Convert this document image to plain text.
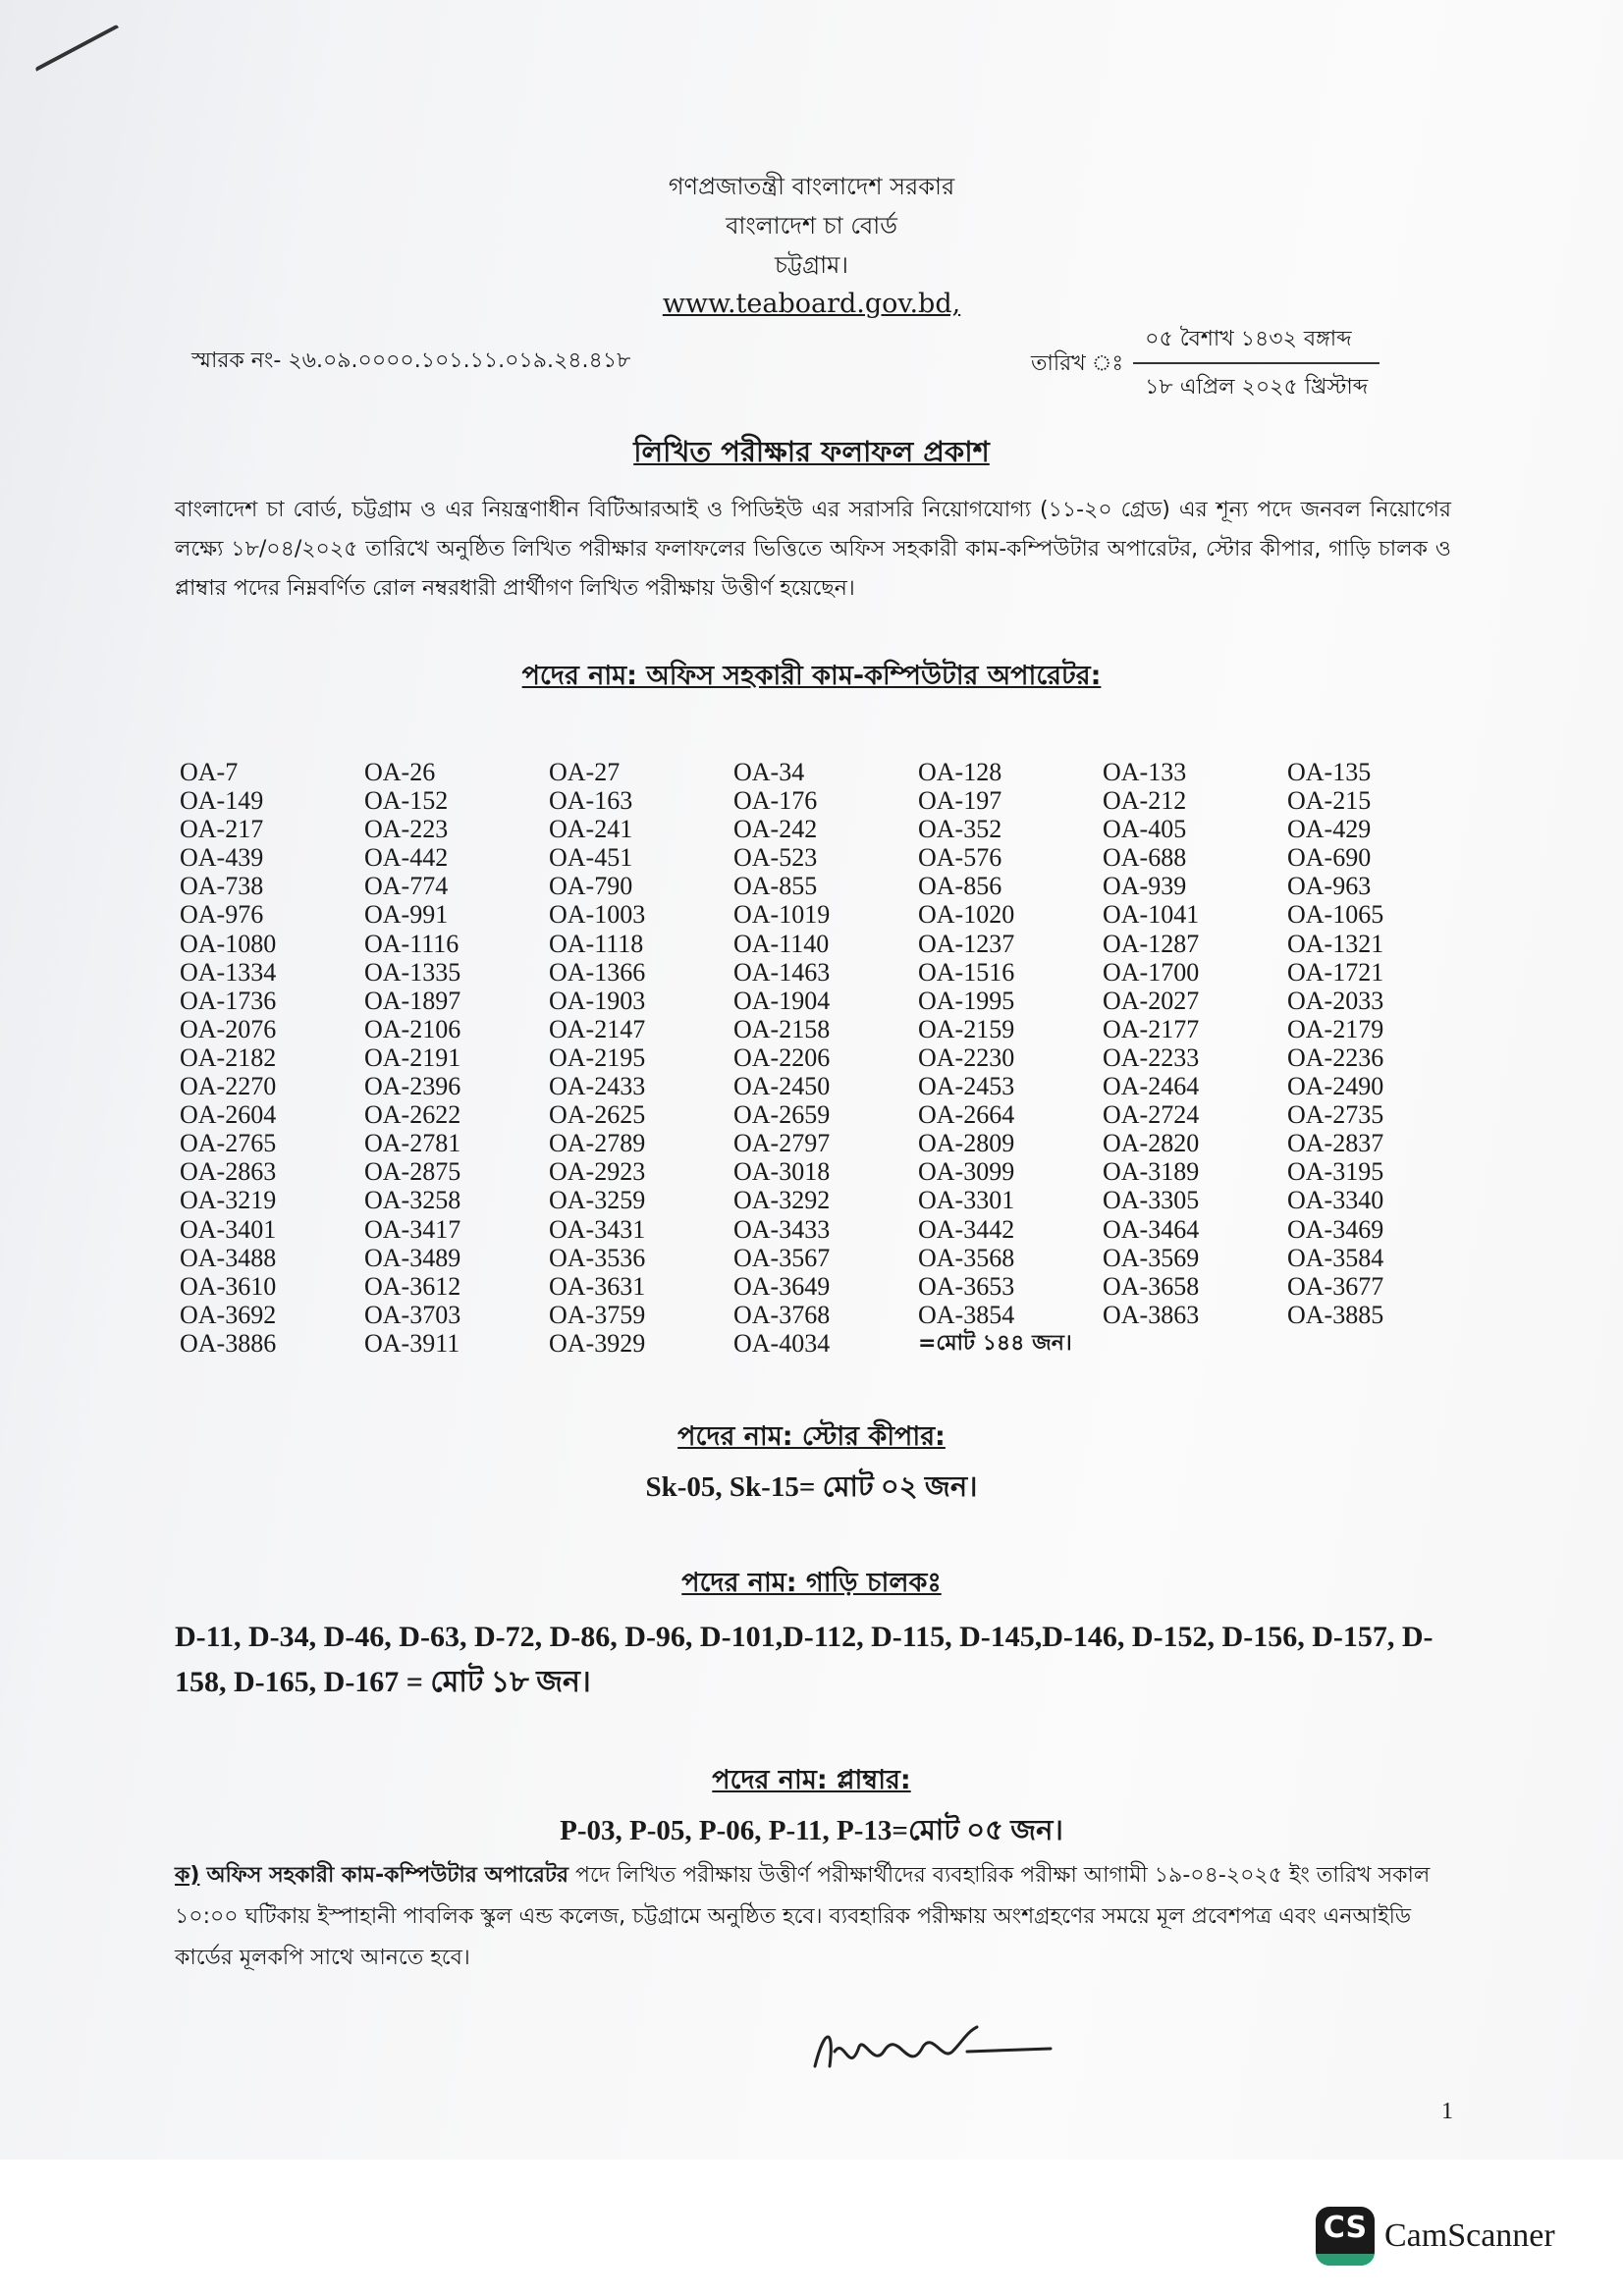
গণপ্রজাতন্ত্রী বাংলাদেশ সরকার
বাংলাদেশ চা বোর্ড
চট্টগ্রাম।
www.teaboard.gov.bd,
স্মারক নং- ২৬.০৯.০০০০.১০১.১১.০১৯.২৪.৪১৮	তারিখ ঃ
০৫ বৈশাখ ১৪৩২ বঙ্গাব্দ
১৮ এপ্রিল ২০২৫ খ্রিস্টাব্দ
লিখিত পরীক্ষার ফলাফল প্রকাশ
বাংলাদেশ চা বোর্ড, চট্টগ্রাম ও এর নিয়ন্ত্রণাধীন বিটিআরআই ও পিডিইউ এর সরাসরি নিয়োগযোগ্য (১১-২০ গ্রেড) এর শূন্য পদে জনবল নিয়োগের লক্ষ্যে ১৮/০৪/২০২৫ তারিখে অনুষ্ঠিত লিখিত পরীক্ষার ফলাফলের ভিত্তিতে অফিস সহকারী কাম-কম্পিউটার অপারেটর, স্টোর কীপার, গাড়ি চালক ও প্লাম্বার পদের নিম্নবর্ণিত রোল নম্বরধারী প্রার্থীগণ লিখিত পরীক্ষায় উত্তীর্ণ হয়েছেন।
পদের নাম: অফিস সহকারী কাম-কম্পিউটার অপারেটর:
OA-7	OA-26	OA-27	OA-34	OA-128	OA-133	OA-135
OA-149	OA-152	OA-163	OA-176	OA-197	OA-212	OA-215
OA-217	OA-223	OA-241	OA-242	OA-352	OA-405	OA-429
OA-439	OA-442	OA-451	OA-523	OA-576	OA-688	OA-690
OA-738	OA-774	OA-790	OA-855	OA-856	OA-939	OA-963
OA-976	OA-991	OA-1003	OA-1019	OA-1020	OA-1041	OA-1065
OA-1080	OA-1116	OA-1118	OA-1140	OA-1237	OA-1287	OA-1321
OA-1334	OA-1335	OA-1366	OA-1463	OA-1516	OA-1700	OA-1721
OA-1736	OA-1897	OA-1903	OA-1904	OA-1995	OA-2027	OA-2033
OA-2076	OA-2106	OA-2147	OA-2158	OA-2159	OA-2177	OA-2179
OA-2182	OA-2191	OA-2195	OA-2206	OA-2230	OA-2233	OA-2236
OA-2270	OA-2396	OA-2433	OA-2450	OA-2453	OA-2464	OA-2490
OA-2604	OA-2622	OA-2625	OA-2659	OA-2664	OA-2724	OA-2735
OA-2765	OA-2781	OA-2789	OA-2797	OA-2809	OA-2820	OA-2837
OA-2863	OA-2875	OA-2923	OA-3018	OA-3099	OA-3189	OA-3195
OA-3219	OA-3258	OA-3259	OA-3292	OA-3301	OA-3305	OA-3340
OA-3401	OA-3417	OA-3431	OA-3433	OA-3442	OA-3464	OA-3469
OA-3488	OA-3489	OA-3536	OA-3567	OA-3568	OA-3569	OA-3584
OA-3610	OA-3612	OA-3631	OA-3649	OA-3653	OA-3658	OA-3677
OA-3692	OA-3703	OA-3759	OA-3768	OA-3854	OA-3863	OA-3885
OA-3886	OA-3911	OA-3929	OA-4034	=মোট ১৪৪ জন।
পদের নাম: স্টোর কীপার:
Sk-05, Sk-15= মোট ০২ জন।
পদের নাম: গাড়ি চালকঃ
D-11, D-34, D-46, D-63, D-72, D-86, D-96, D-101,D-112, D-115, D-145,D-146, D-152, D-156, D-157, D-158, D-165, D-167 = মোট ১৮ জন।
পদের নাম: প্লাম্বার:
P-03, P-05, P-06, P-11, P-13=মোট ০৫ জন।
ক) অফিস সহকারী কাম-কম্পিউটার অপারেটর পদে লিখিত পরীক্ষায় উত্তীর্ণ পরীক্ষার্থীদের ব্যবহারিক পরীক্ষা আগামী ১৯-০৪-২০২৫ ইং তারিখ সকাল ১০:০০ ঘটিকায় ইস্পাহানী পাবলিক স্কুল এন্ড কলেজ, চট্টগ্রামে অনুষ্ঠিত হবে। ব্যবহারিক পরীক্ষায় অংশগ্রহণের সময়ে মূল প্রবেশপত্র এবং এনআইডি কার্ডের মূলকপি সাথে আনতে হবে।
1
CS CamScanner
